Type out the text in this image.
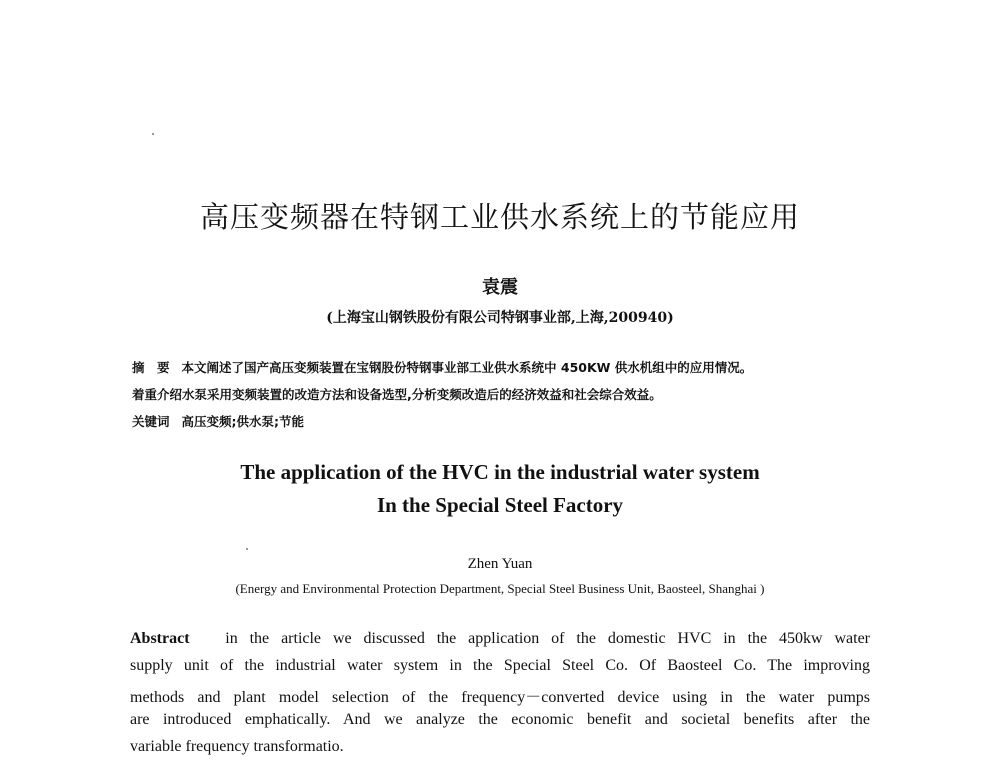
高压变频器在特钢工业供水系统上的节能应用
袁震
(上海宝山钢铁股份有限公司特钢事业部,上海,200940)
摘　要 本文阐述了国产高压变频装置在宝钢股份特钢事业部工业供水系统中 450KW 供水机组中的应用情况。
着重介绍水泵采用变频装置的改造方法和设备选型,分析变频改造后的经济效益和社会综合效益。
关键词 高压变频;供水泵;节能
The application of the HVC in the industrial water system
In the Special Steel Factory
Zhen Yuan
(Energy and Environmental Protection Department, Special Steel Business Unit, Baosteel, Shanghai )
Abstract in the article we discussed the application of the domestic HVC in the 450kw water
supply unit of the industrial water system in the Special Steel Co. Of Baosteel Co. The improving
methods and plant model selection of the frequency－converted device using in the water pumps
are introduced emphatically. And we analyze the economic benefit and societal benefits after the
variable frequency transformatio.
